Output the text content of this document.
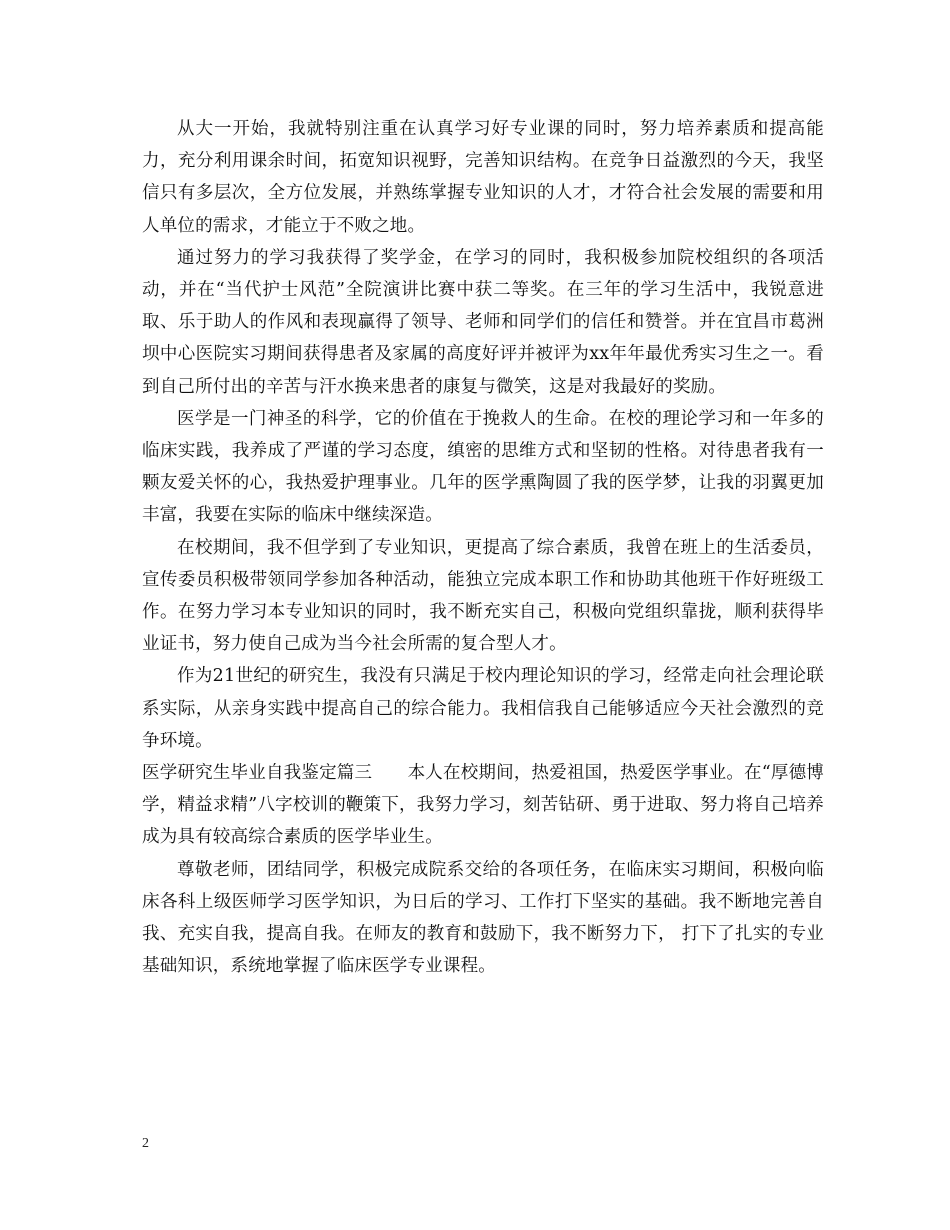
从大一开始，我就特别注重在认真学习好专业课的同时，努力培养素质和提高能力，充分利用课余时间，拓宽知识视野，完善知识结构。在竞争日益激烈的今天，我坚信只有多层次，全方位发展，并熟练掌握专业知识的人才，才符合社会发展的需要和用人单位的需求，才能立于不败之地。

通过努力的学习我获得了奖学金，在学习的同时，我积极参加院校组织的各项活动，并在“当代护士风范”全院演讲比赛中获二等奖。在三年的学习生活中，我锐意进取、乐于助人的作风和表现赢得了领导、老师和同学们的信任和赞誉。并在宜昌市葛洲坝中心医院实习期间获得患者及家属的高度好评并被评为xx年年最优秀实习生之一。看到自己所付出的辛苦与汗水换来患者的康复与微笑，这是对我最好的奖励。

医学是一门神圣的科学，它的价值在于挽救人的生命。在校的理论学习和一年多的临床实践，我养成了严谨的学习态度，缜密的思维方式和坚韧的性格。对待患者我有一颗友爱关怀的心，我热爱护理事业。几年的医学熏陶圆了我的医学梦，让我的羽翼更加丰富，我要在实际的临床中继续深造。

在校期间，我不但学到了专业知识，更提高了综合素质，我曾在班上的生活委员，宣传委员积极带领同学参加各种活动，能独立完成本职工作和协助其他班干作好班级工作。在努力学习本专业知识的同时，我不断充实自己，积极向党组织靠拢，顺利获得毕业证书，努力使自己成为当今社会所需的复合型人才。

作为21世纪的研究生，我没有只满足于校内理论知识的学习，经常走向社会理论联系实际，从亲身实践中提高自己的综合能力。我相信我自己能够适应今天社会激烈的竞争环境。

医学研究生毕业自我鉴定篇三　　本人在校期间，热爱祖国，热爱医学事业。在“厚德博学，精益求精”八字校训的鞭策下，我努力学习，刻苦钻研、勇于进取、努力将自己培养成为具有较高综合素质的医学毕业生。

尊敬老师，团结同学，积极完成院系交给的各项任务，在临床实习期间，积极向临床各科上级医师学习医学知识，为日后的学习、工作打下坚实的基础。我不断地完善自我、充实自我，提高自我。在师友的教育和鼓励下，我不断努力下， 打下了扎实的专业基础知识，系统地掌握了临床医学专业课程。

2
